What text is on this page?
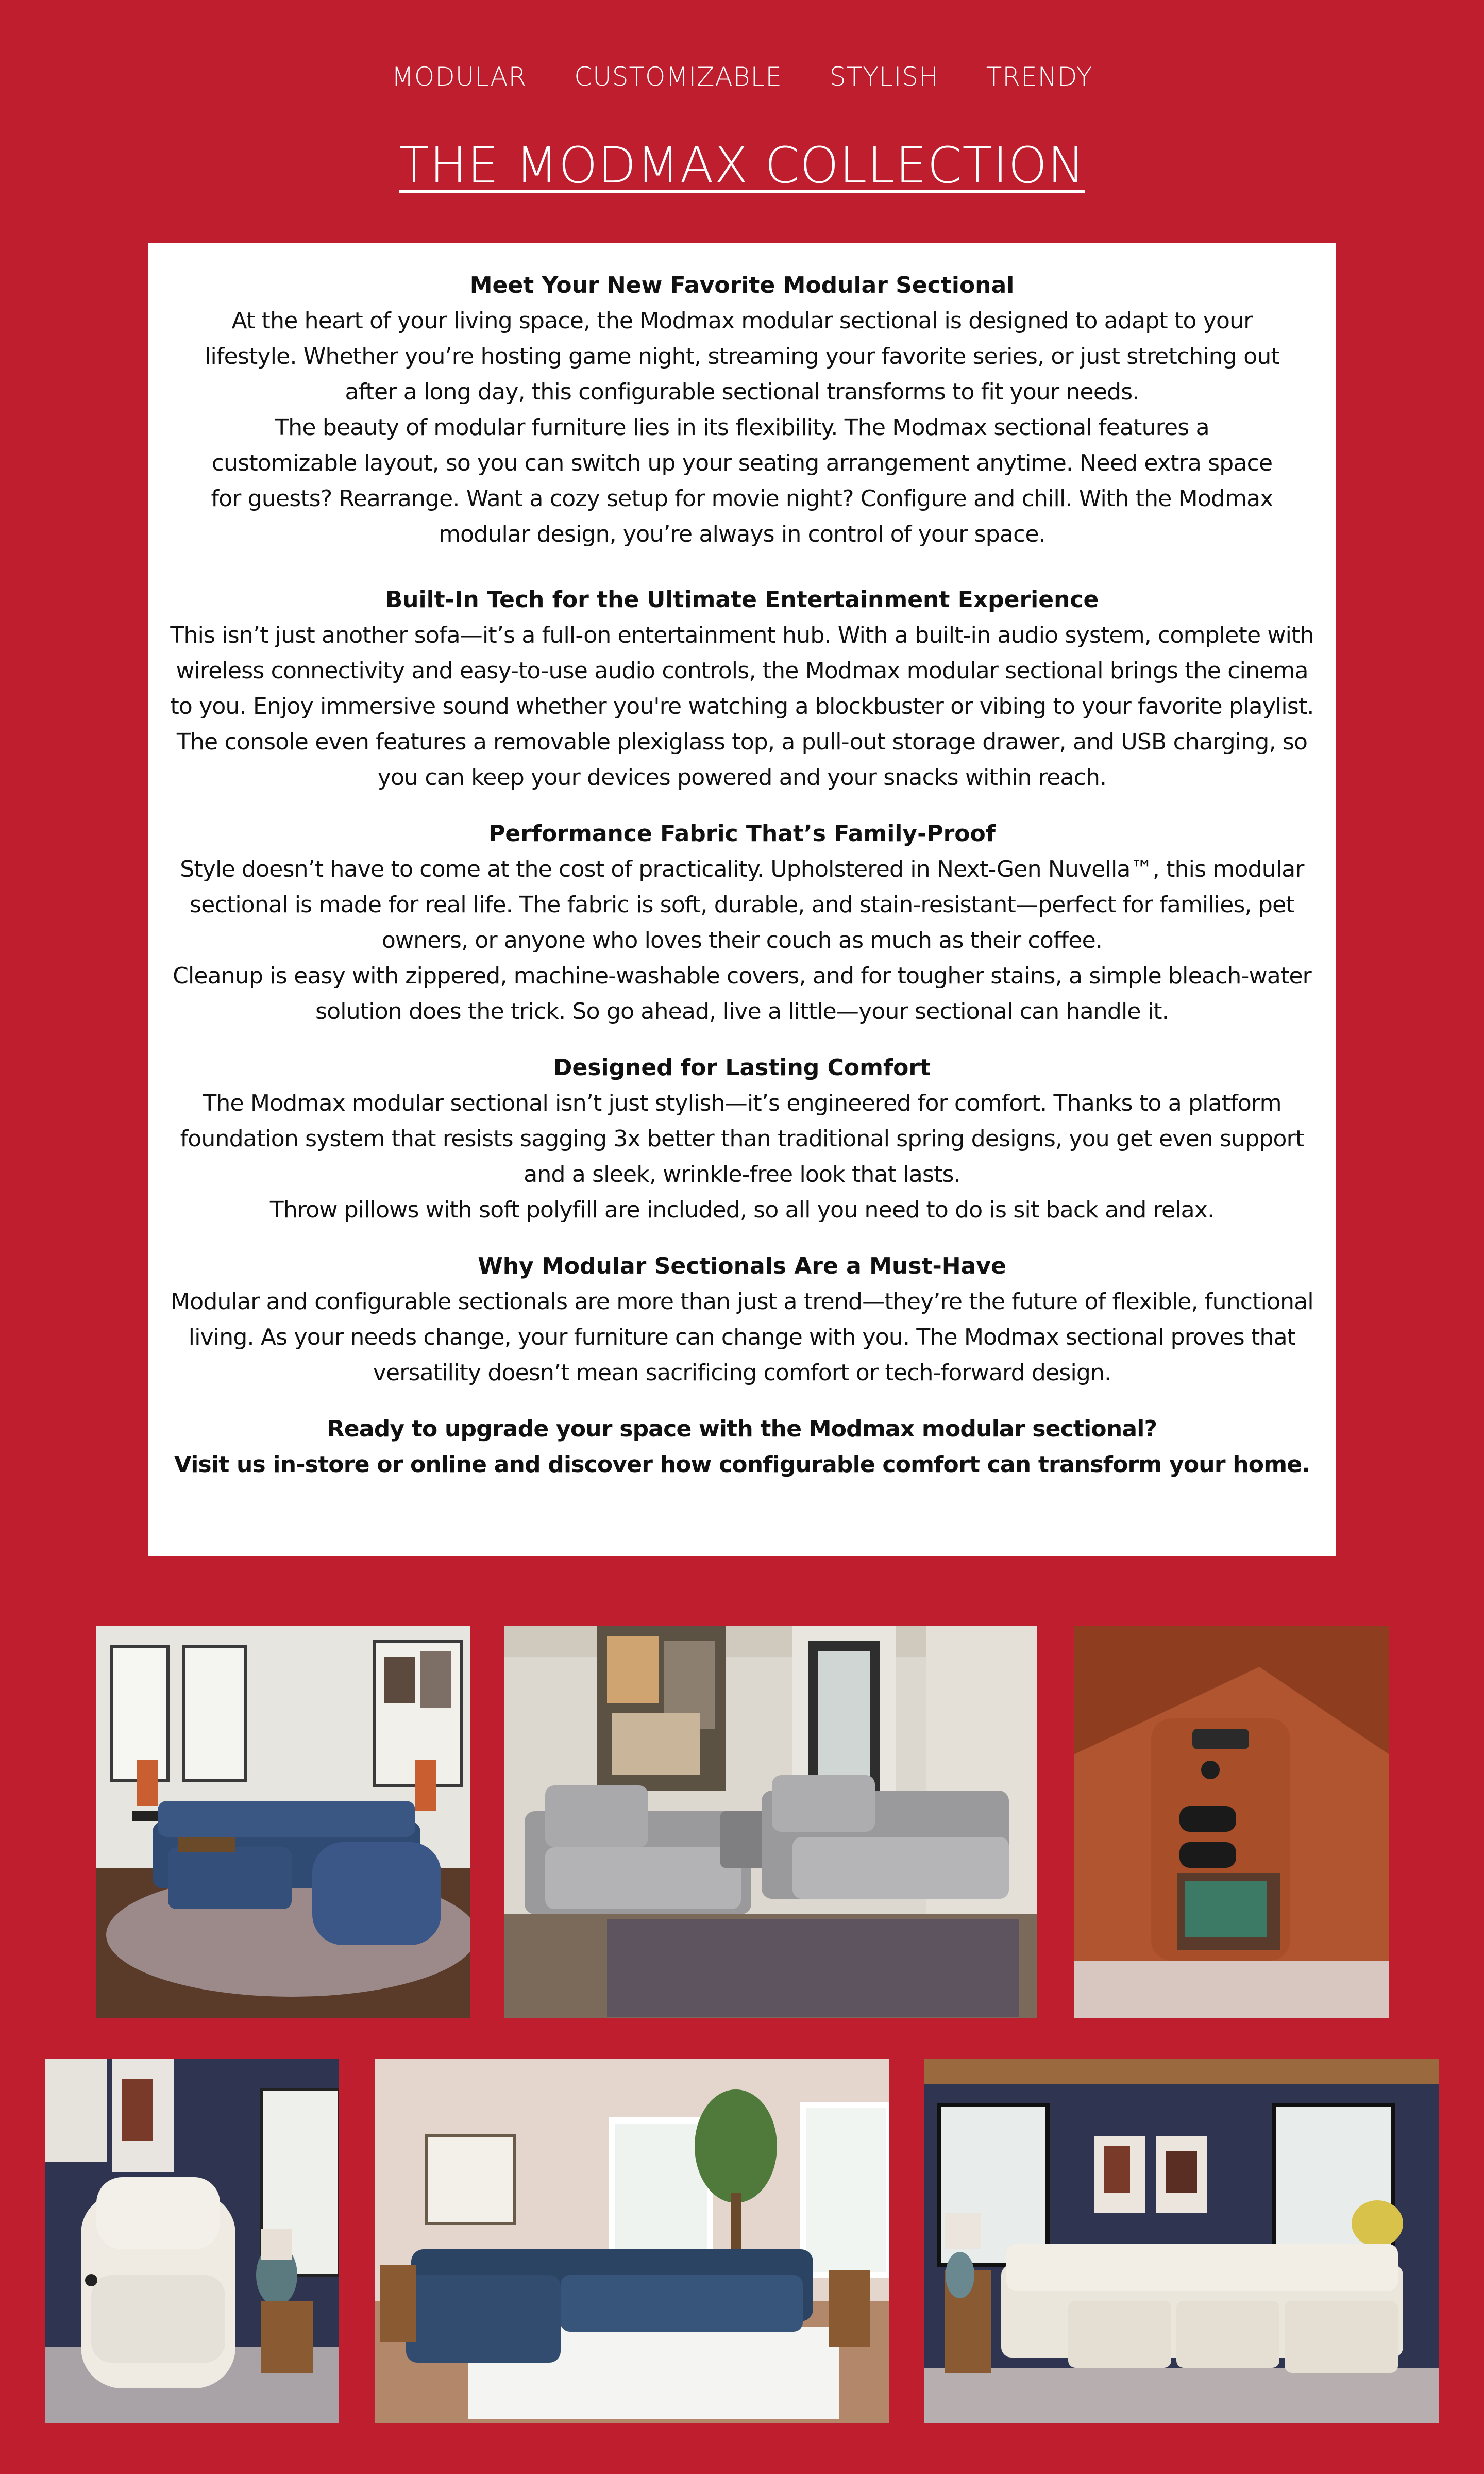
MODULAR CUSTOMIZABLE STYLISH TRENDY
THE MODMAX COLLECTION
Meet Your New Favorite Modular Sectional

At the heart of your living space, the Modmax modular sectional is designed to adapt to your lifestyle. Whether you’re hosting game night, streaming your favorite series, or just stretching out after a long day, this configurable sectional transforms to fit your needs.

The beauty of modular furniture lies in its flexibility. The Modmax sectional features a customizable layout, so you can switch up your seating arrangement anytime. Need extra space for guests? Rearrange. Want a cozy setup for movie night? Configure and chill. With the Modmax modular design, you’re always in control of your space.

Built-In Tech for the Ultimate Entertainment Experience

This isn’t just another sofa—it’s a full-on entertainment hub. With a built-in audio system, complete with wireless connectivity and easy-to-use audio controls, the Modmax modular sectional brings the cinema to you. Enjoy immersive sound whether you're watching a blockbuster or vibing to your favorite playlist.

The console even features a removable plexiglass top, a pull-out storage drawer, and USB charging, so you can keep your devices powered and your snacks within reach.

Performance Fabric That’s Family-Proof

Style doesn’t have to come at the cost of practicality. Upholstered in Next-Gen Nuvella™, this modular sectional is made for real life. The fabric is soft, durable, and stain-resistant—perfect for families, pet owners, or anyone who loves their couch as much as their coffee.

Cleanup is easy with zippered, machine-washable covers, and for tougher stains, a simple bleach-water solution does the trick. So go ahead, live a little—your sectional can handle it.

Designed for Lasting Comfort

The Modmax modular sectional isn’t just stylish—it’s engineered for comfort. Thanks to a platform foundation system that resists sagging 3x better than traditional spring designs, you get even support and a sleek, wrinkle-free look that lasts.

Throw pillows with soft polyfill are included, so all you need to do is sit back and relax.

Why Modular Sectionals Are a Must-Have

Modular and configurable sectionals are more than just a trend—they’re the future of flexible, functional living. As your needs change, your furniture can change with you. The Modmax sectional proves that versatility doesn’t mean sacrificing comfort or tech-forward design.

Ready to upgrade your space with the Modmax modular sectional?

Visit us in-store or online and discover how configurable comfort can transform your home.
